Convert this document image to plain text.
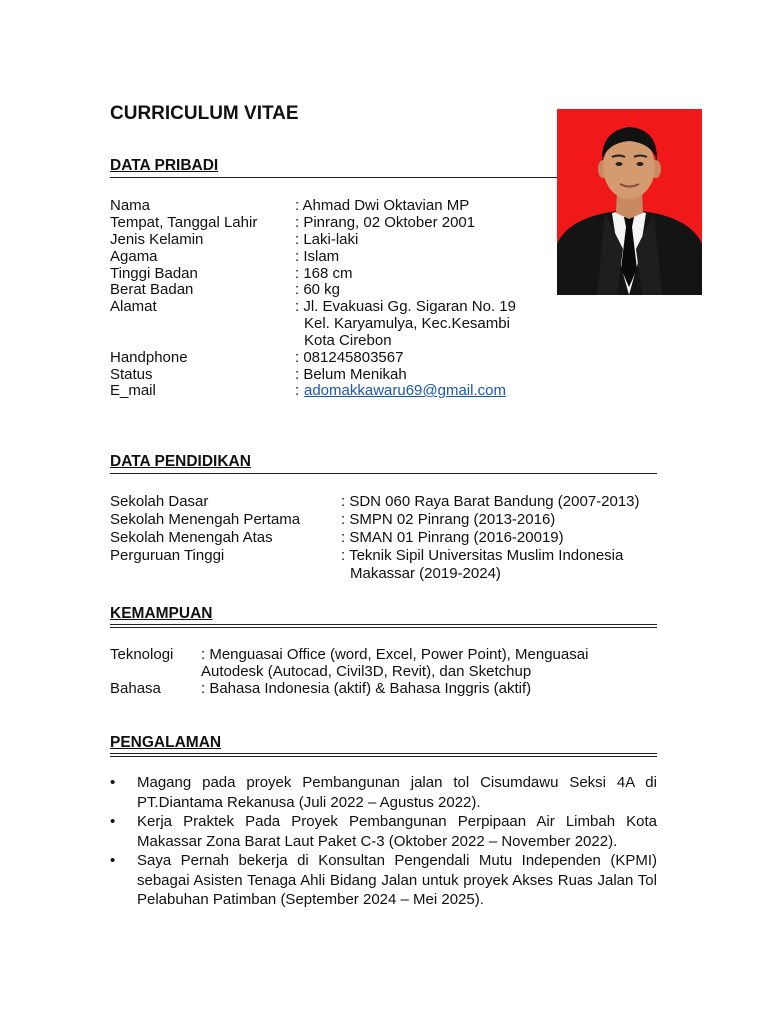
CURRICULUM VITAE
DATA PRIBADI
Nama	: Ahmad Dwi Oktavian MP
Tempat, Tanggal Lahir	: Pinrang, 02 Oktober 2001
Jenis Kelamin	: Laki-laki
Agama	: Islam
Tinggi Badan	: 168 cm
Berat Badan	: 60 kg
Alamat	: Jl. Evakuasi Gg. Sigaran No. 19
Kel. Karyamulya, Kec.Kesambi
Kota Cirebon
Handphone	: 081245803567
Status	: Belum Menikah
E_mail	: adomakkawaru69@gmail.com
DATA PENDIDIKAN
Sekolah Dasar	: SDN 060 Raya Barat Bandung (2007-2013)
Sekolah Menengah Pertama	: SMPN 02 Pinrang (2013-2016)
Sekolah Menengah Atas	: SMAN 01 Pinrang (2016-20019)
Perguruan Tinggi	: Teknik Sipil Universitas Muslim Indonesia
Makassar (2019-2024)
KEMAMPUAN
Teknologi : Menguasai Office (word, Excel, Power Point), Menguasai
Autodesk (Autocad, Civil3D, Revit), dan Sketchup
Bahasa	: Bahasa Indonesia (aktif) & Bahasa Inggris (aktif)
PENGALAMAN
• Magang pada proyek Pembangunan jalan tol Cisumdawu Seksi 4A di PT.Diantama Rekanusa (Juli 2022 – Agustus 2022).
• Kerja Praktek Pada Proyek Pembangunan Perpipaan Air Limbah Kota Makassar Zona Barat Laut Paket C-3 (Oktober 2022 – November 2022).
• Saya Pernah bekerja di Konsultan Pengendali Mutu Independen (KPMI) sebagai Asisten Tenaga Ahli Bidang Jalan untuk proyek Akses Ruas Jalan Tol Pelabuhan Patimban (September 2024 – Mei 2025).
